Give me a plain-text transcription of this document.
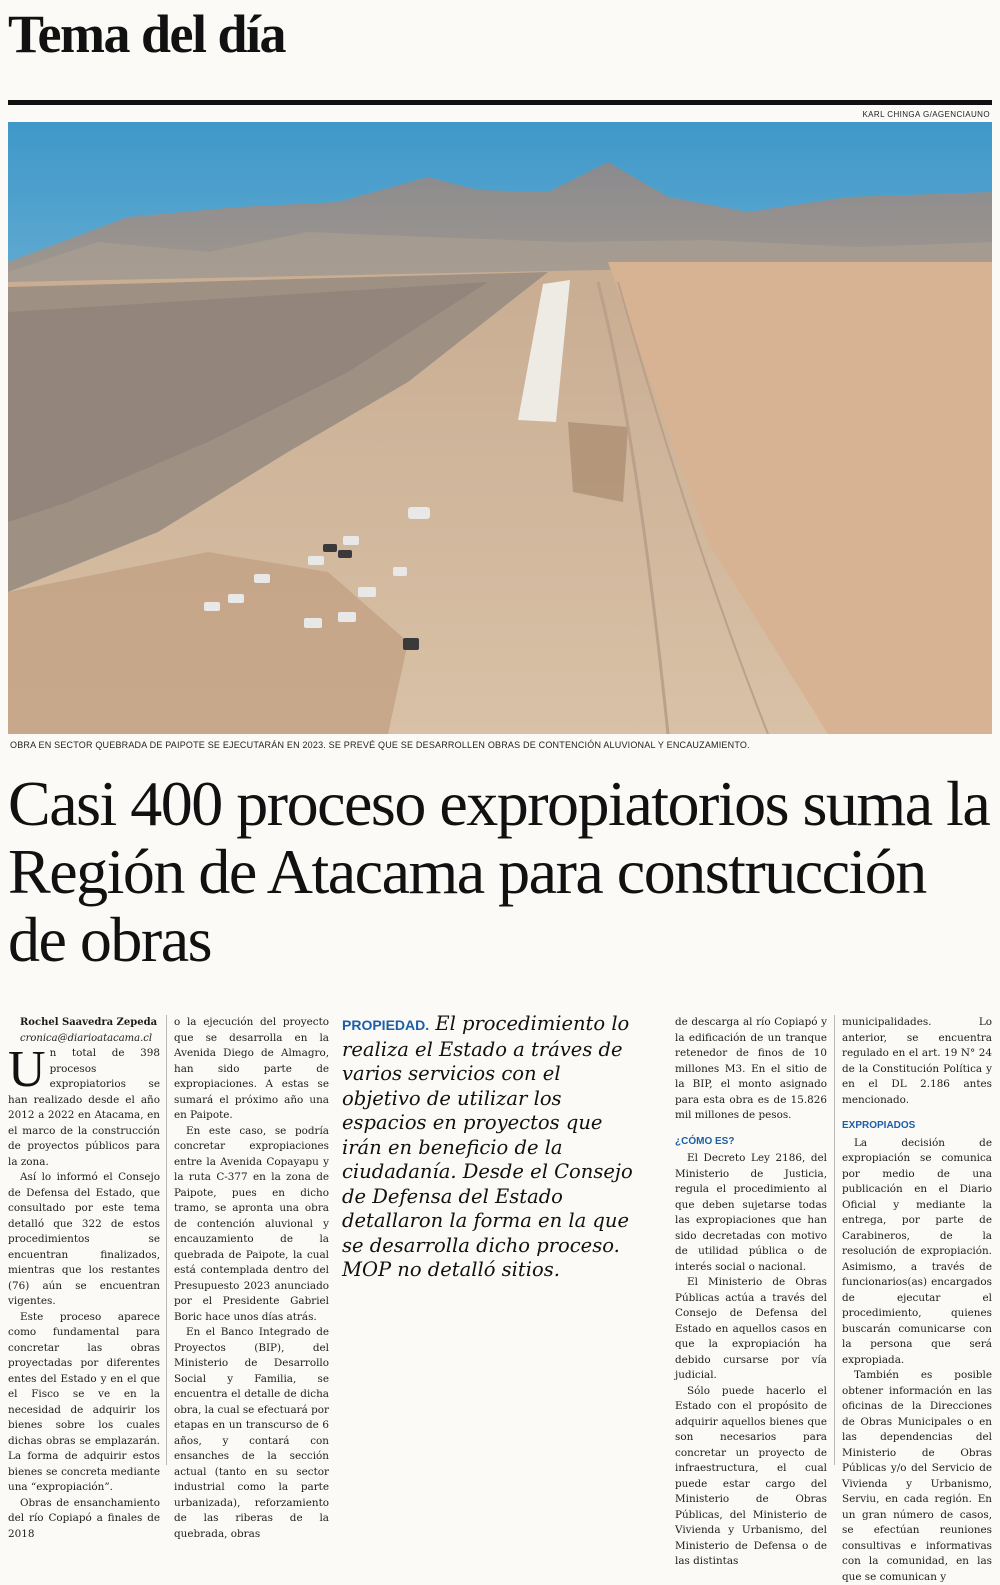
Tema del día
KARL CHINGA G/AGENCIAUNO
OBRA EN SECTOR QUEBRADA DE PAIPOTE SE EJECUTARÁN EN 2023. SE PREVÉ QUE SE DESARROLLEN OBRAS DE CONTENCIÓN ALUVIONAL Y ENCAUZAMIENTO.
Casi 400 proceso expropiatorios suma la Región de Atacama para construcción de obras

Rochel Saavedra Zepeda

cronica@diarioatacama.cl

Un total de 398 procesos expropiatorios se han realizado desde el año 2012 a 2022 en Atacama, en el marco de la construcción de proyectos públicos para la zona.

Así lo informó el Consejo de Defensa del Estado, que consultado por este tema detalló que 322 de estos procedimientos se encuentran finalizados, mientras que los restantes (76) aún se encuentran vigentes.

Este proceso aparece como fundamental para concretar las obras proyectadas por diferentes entes del Estado y en el que el Fisco se ve en la necesidad de adquirir los bienes sobre los cuales dichas obras se emplazarán. La forma de adquirir estos bienes se concreta mediante una “expropiación”.

Obras de ensanchamiento del río Copiapó a finales de 2018

o la ejecución del proyecto que se desarrolla en la Avenida Diego de Almagro, han sido parte de expropiaciones. A estas se sumará el próximo año una en Paipote.

En este caso, se podría concretar expropiaciones entre la Avenida Copayapu y la ruta C-377 en la zona de Paipote, pues en dicho tramo, se apronta una obra de contención aluvional y encauzamiento de la quebrada de Paipote, la cual está contemplada dentro del Presupuesto 2023 anunciado por el Presidente Gabriel Boric hace unos días atrás.

En el Banco Integrado de Proyectos (BIP), del Ministerio de Desarrollo Social y Familia, se encuentra el detalle de dicha obra, la cual se efectuará por etapas en un transcurso de 6 años, y contará con ensanches de la sección actual (tanto en su sector industrial como la parte urbanizada), reforzamiento de las riberas de la quebrada, obras

PROPIEDAD. El procedimiento lo realiza el Estado a tráves de varios servicios con el objetivo de utilizar los espacios en proyectos que irán en beneficio de la ciudadanía. Desde el Consejo de Defensa del Estado detallaron la forma en la que se desarrolla dicho proceso. MOP no detalló sitios.

de descarga al río Copiapó y la edificación de un tranque retenedor de finos de 10 millones M3. En el sitio de la BIP, el monto asignado para esta obra es de 15.826 mil millones de pesos.

¿CÓMO ES?

El Decreto Ley 2186, del Ministerio de Justicia, regula el procedimiento al que deben sujetarse todas las expropiaciones que han sido decretadas con motivo de utilidad pública o de interés social o nacional.

El Ministerio de Obras Públicas actúa a través del Consejo de Defensa del Estado en aquellos casos en que la expropiación ha debido cursarse por vía judicial.

Sólo puede hacerlo el Estado con el propósito de adquirir aquellos bienes que son necesarios para concretar un proyecto de infraestructura, el cual puede estar cargo del Ministerio de Obras Públicas, del Ministerio de Vivienda y Urbanismo, del Ministerio de Defensa o de las distintas

municipalidades. Lo anterior, se encuentra regulado en el art. 19 N° 24 de la Constitución Política y en el DL 2.186 antes mencionado.

EXPROPIADOS

La decisión de expropiación se comunica por medio de una publicación en el Diario Oficial y mediante la entrega, por parte de Carabineros, de la resolución de expropiación. Asimismo, a través de funcionarios(as) encargados de ejecutar el procedimiento, quienes buscarán comunicarse con la persona que será expropiada.

También es posible obtener información en las oficinas de la Direcciones de Obras Municipales o en las dependencias del Ministerio de Obras Públicas y/o del Servicio de Vivienda y Urbanismo, Serviu, en cada región. En un gran número de casos, se efectúan reuniones consultivas e informativas con la comunidad, en las que se comunican y
